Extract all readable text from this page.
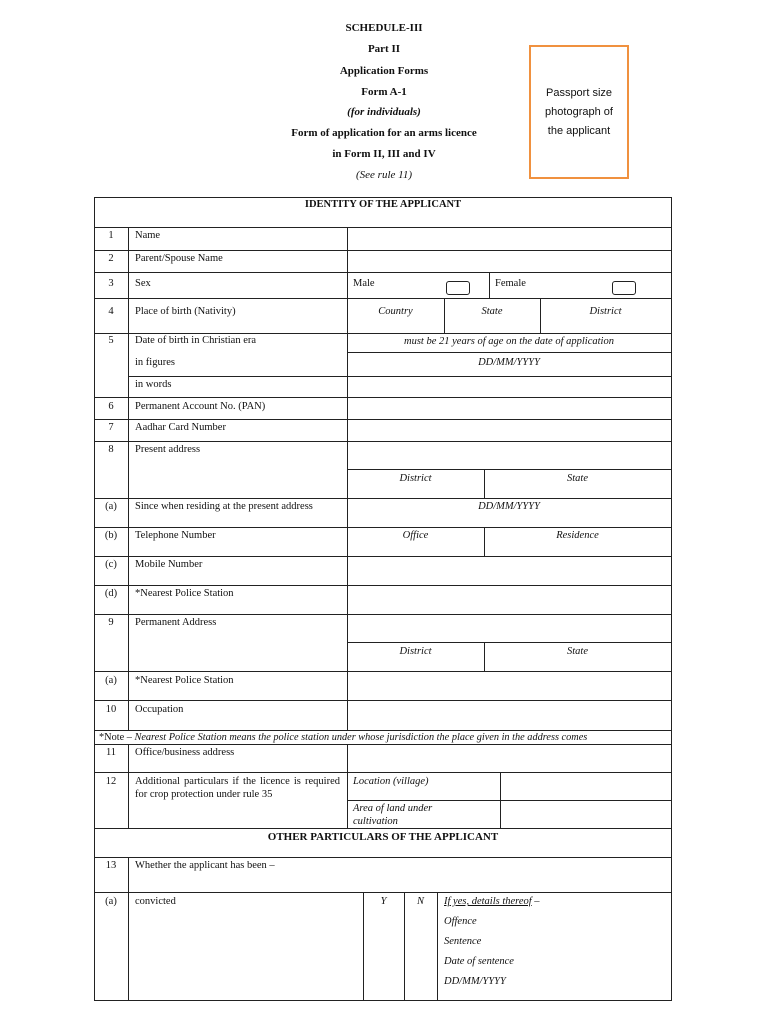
SCHEDULE-III
Part II
Application Forms
Form A-1
(for individuals)
Form of application for an arms licence
in Form II, III and IV
(See rule 11)
Passport size photograph of the applicant
IDENTITY OF THE APPLICANT
1	Name
2	Parent/Spouse Name
3	Sex	Male	Female
4	Place of birth (Nativity)	Country	State	District
5	Date of birth in Christian era	must be 21 years of age on the date of application
in figures	DD/MM/YYYY
in words
6	Permanent Account No. (PAN)
7	Aadhar Card Number
8	Present address
District	State
(a)	Since when residing at the present address	DD/MM/YYYY
(b)	Telephone Number	Office	Residence
(c)	Mobile Number
(d)	*Nearest Police Station
9	Permanent Address
District	State
(a)	*Nearest Police Station
10	Occupation
*Note – Nearest Police Station means the police station under whose jurisdiction the place given in the address comes
11	Office/business address
12	Additional particulars if the licence is required for crop protection under rule 35
Location (village)
Area of land under
cultivation
OTHER PARTICULARS OF THE APPLICANT
13	Whether the applicant has been –
(a)	convicted	Y	N	If yes, details thereof –
Offence
Sentence
Date of sentence
DD/MM/YYYY
